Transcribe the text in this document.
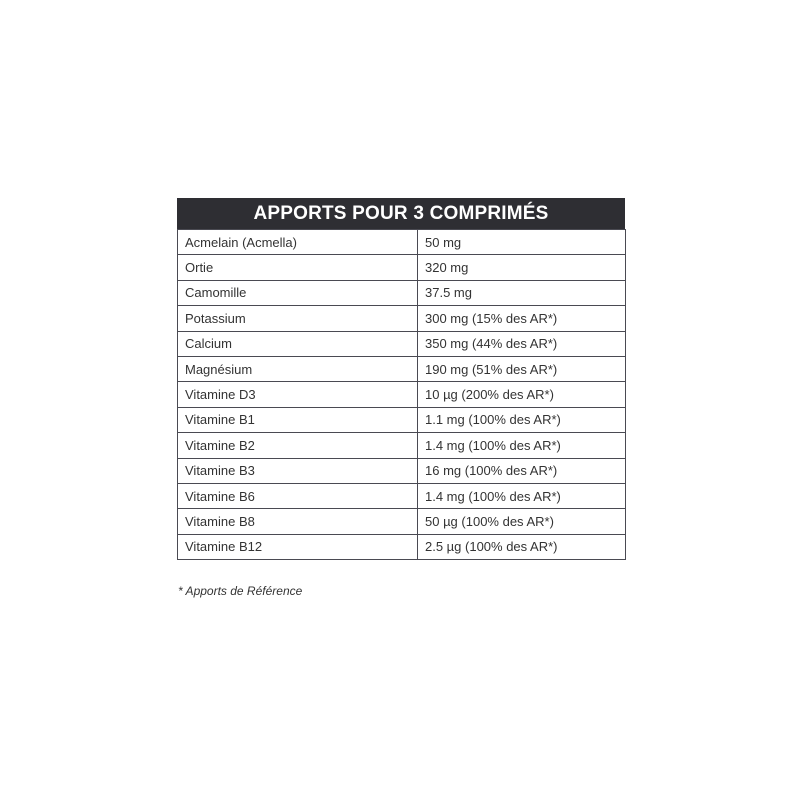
APPORTS POUR 3 COMPRIMÉS
Acmelain (Acmella)	50 mg
Ortie	320 mg
Camomille	37.5 mg
Potassium	300 mg (15% des AR*)
Calcium	350 mg (44% des AR*)
Magnésium	190 mg (51% des AR*)
Vitamine D3	10 µg (200% des AR*)
Vitamine B1	1.1 mg (100% des AR*)
Vitamine B2	1.4 mg (100% des AR*)
Vitamine B3	16 mg (100% des AR*)
Vitamine B6	1.4 mg (100% des AR*)
Vitamine B8	50 µg (100% des AR*)
Vitamine B12	2.5 µg (100% des AR*)
* Apports de Référence
